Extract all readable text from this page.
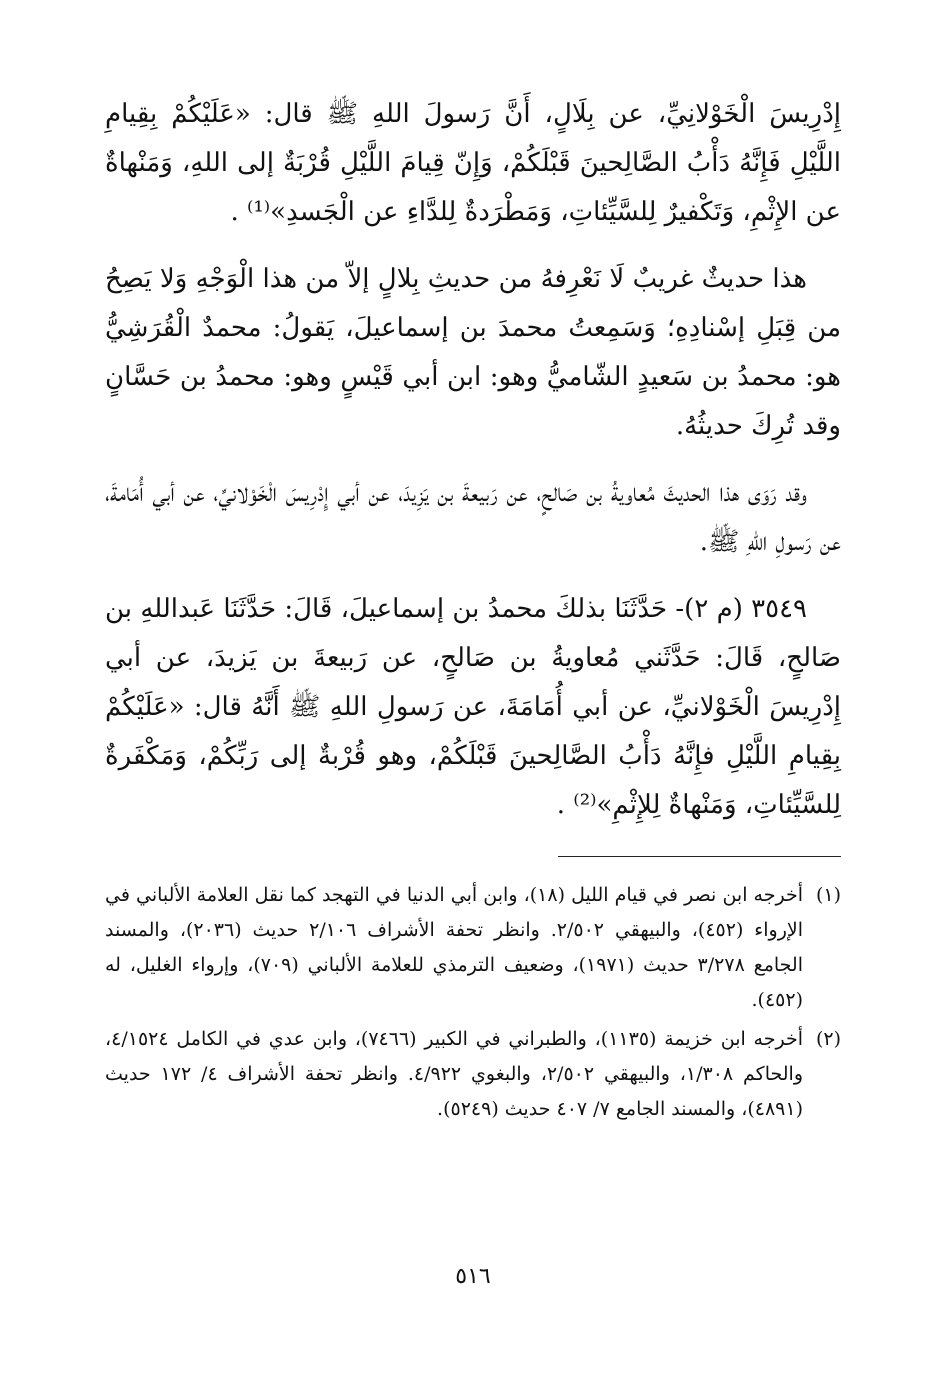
إِدْرِيسَ الْخَوْلانِيِّ، عن بِلَالٍ، أَنَّ رَسولَ اللهِ ﷺ قال: «عَلَيْكُمْ بِقِيامِ اللَّيْلِ فَإِنَّهُ دَأْبُ الصَّالِحينَ قَبْلَكُمْ، وَإِنّ قِيامَ اللَّيْلِ قُرْبَةٌ إلى اللهِ، وَمَنْهاةٌ عن الإِثْمِ، وَتَكْفيرٌ لِلسَّيِّئاتِ، وَمَطْرَدةٌ لِلدَّاءِ عن الْجَسدِ»⁽¹⁾ .

هذا حديثٌ غريبٌ لَا نَعْرِفهُ من حديثِ بِلالٍ إلاّ من هذا الْوَجْهِ وَلا يَصِحُ من قِبَلِ إسْنادِهِ؛ وَسَمِعتُ محمدَ بن إسماعيلَ، يَقولُ: محمدٌ الْقُرَشِيُّ هو: محمدُ بن سَعيدٍ الشّاميُّ وهو: ابن أبي قَيْسٍ وهو: محمدُ بن حَسَّانٍ وقد تُرِكَ حديثُهُ.

وقد رَوَى هذا الحديثَ مُعاويةُ بن صَالحٍ، عن رَبيعةَ بن يَزِيدَ، عن أبي إِدْرِيسَ الْخَوْلانيِّ، عن أبي أُمَامةَ، عن رَسولِ اللهِ ﷺ.

٣٥٤٩ (م ٢)- حَدَّثَنَا بذلكَ محمدُ بن إسماعيلَ، قَالَ: حَدَّثَنَا عَبداللهِ بن صَالحٍ، قَالَ: حَدَّثَني مُعاويةُ بن صَالحٍ، عن رَبيعةَ بن يَزيدَ، عن أبي إِدْرِيسَ الْخَوْلانيِّ، عن أبي أُمَامَةَ، عن رَسولِ اللهِ ﷺ أَنَّهُ قال: «عَلَيْكُمْ بِقِيامِ اللَّيْلِ فإِنَّهُ دَأْبُ الصَّالِحينَ قَبْلَكُمْ، وهو قُرْبةٌ إلى رَبِّكُمْ، وَمَكْفَرةٌ لِلسَّيِّئاتِ، وَمَنْهاةٌ لِلإِثْمِ»⁽²⁾ .

(١)
أخرجه ابن نصر في قيام الليل (١٨)، وابن أبي الدنيا في التهجد كما نقل العلامة الألباني في الإرواء (٤٥٢)، والبيهقي ٢/٥٠٢. وانظر تحفة الأشراف ٢/١٠٦ حديث (٢٠٣٦)، والمسند الجامع ٣/٢٧٨ حديث (١٩٧١)، وضعيف الترمذي للعلامة الألباني (٧٠٩)، وإرواء الغليل، له (٤٥٢).
(٢)
أخرجه ابن خزيمة (١١٣٥)، والطبراني في الكبير (٧٤٦٦)، وابن عدي في الكامل ٤/١٥٢٤، والحاكم ١/٣٠٨، والبيهقي ٢/٥٠٢، والبغوي ٤/٩٢٢. وانظر تحفة الأشراف ٤/ ١٧٢ حديث (٤٨٩١)، والمسند الجامع ٧/ ٤٠٧ حديث (٥٢٤٩).
٥١٦
